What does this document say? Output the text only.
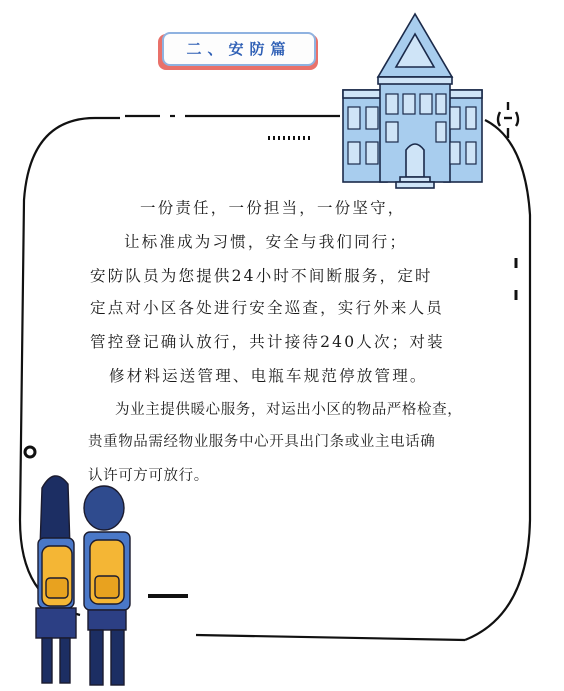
二、安防篇
一份责任，一份担当，一份坚守，
让标准成为习惯，安全与我们同行；
安防队员为您提供24小时不间断服务，定时
定点对小区各处进行安全巡查，实行外来人员
管控登记确认放行，共计接待240人次；对装
修材料运送管理、电瓶车规范停放管理。
为业主提供暖心服务，对运出小区的物品严格检查，
贵重物品需经物业服务中心开具出门条或业主电话确
认许可方可放行。
